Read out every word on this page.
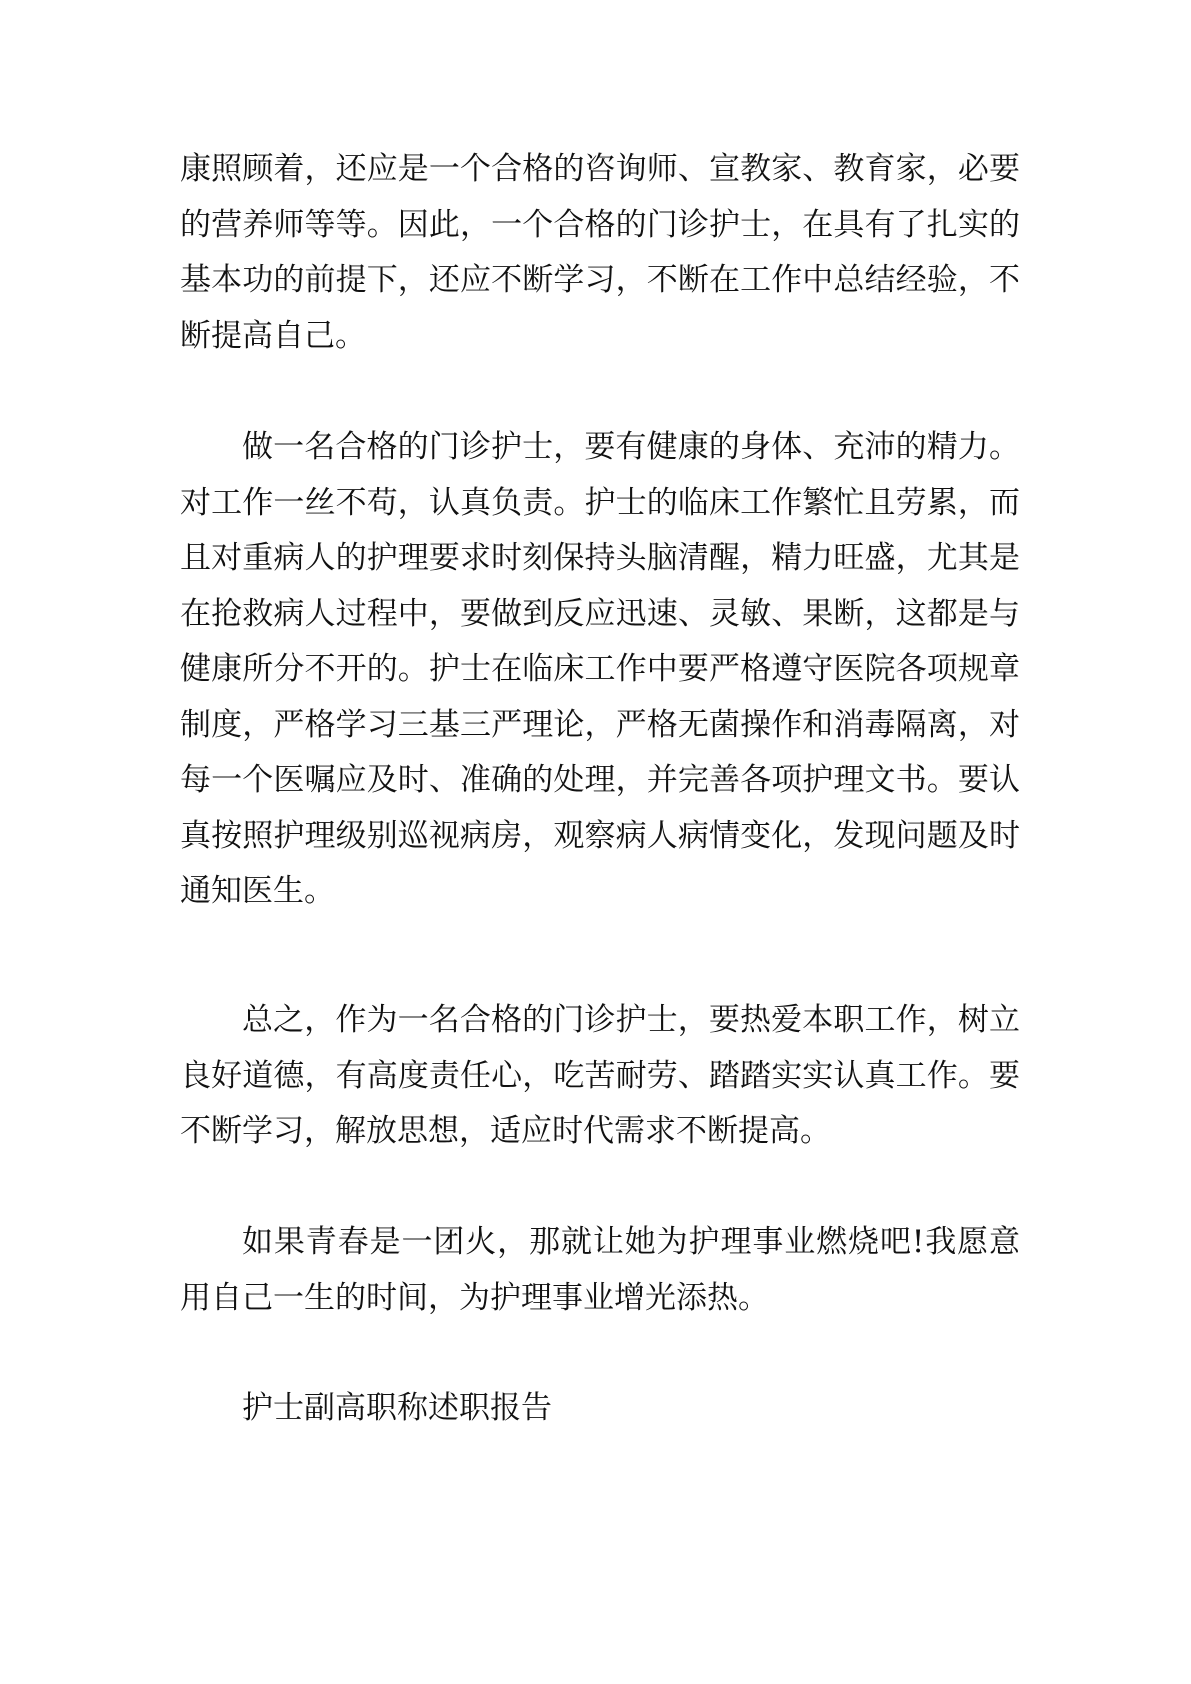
康照顾着，还应是一个合格的咨询师、宣教家、教育家，必要的营养师等等。因此，一个合格的门诊护士，在具有了扎实的基本功的前提下，还应不断学习，不断在工作中总结经验，不断提高自己。

做一名合格的门诊护士，要有健康的身体、充沛的精力。对工作一丝不苟，认真负责。护士的临床工作繁忙且劳累，而且对重病人的护理要求时刻保持头脑清醒，精力旺盛，尤其是在抢救病人过程中，要做到反应迅速、灵敏、果断，这都是与健康所分不开的。护士在临床工作中要严格遵守医院各项规章制度，严格学习三基三严理论，严格无菌操作和消毒隔离，对每一个医嘱应及时、准确的处理，并完善各项护理文书。要认真按照护理级别巡视病房，观察病人病情变化，发现问题及时通知医生。

总之，作为一名合格的门诊护士，要热爱本职工作，树立良好道德，有高度责任心，吃苦耐劳、踏踏实实认真工作。要不断学习，解放思想，适应时代需求不断提高。

如果青春是一团火，那就让她为护理事业燃烧吧!我愿意用自己一生的时间，为护理事业增光添热。

护士副高职称述职报告
